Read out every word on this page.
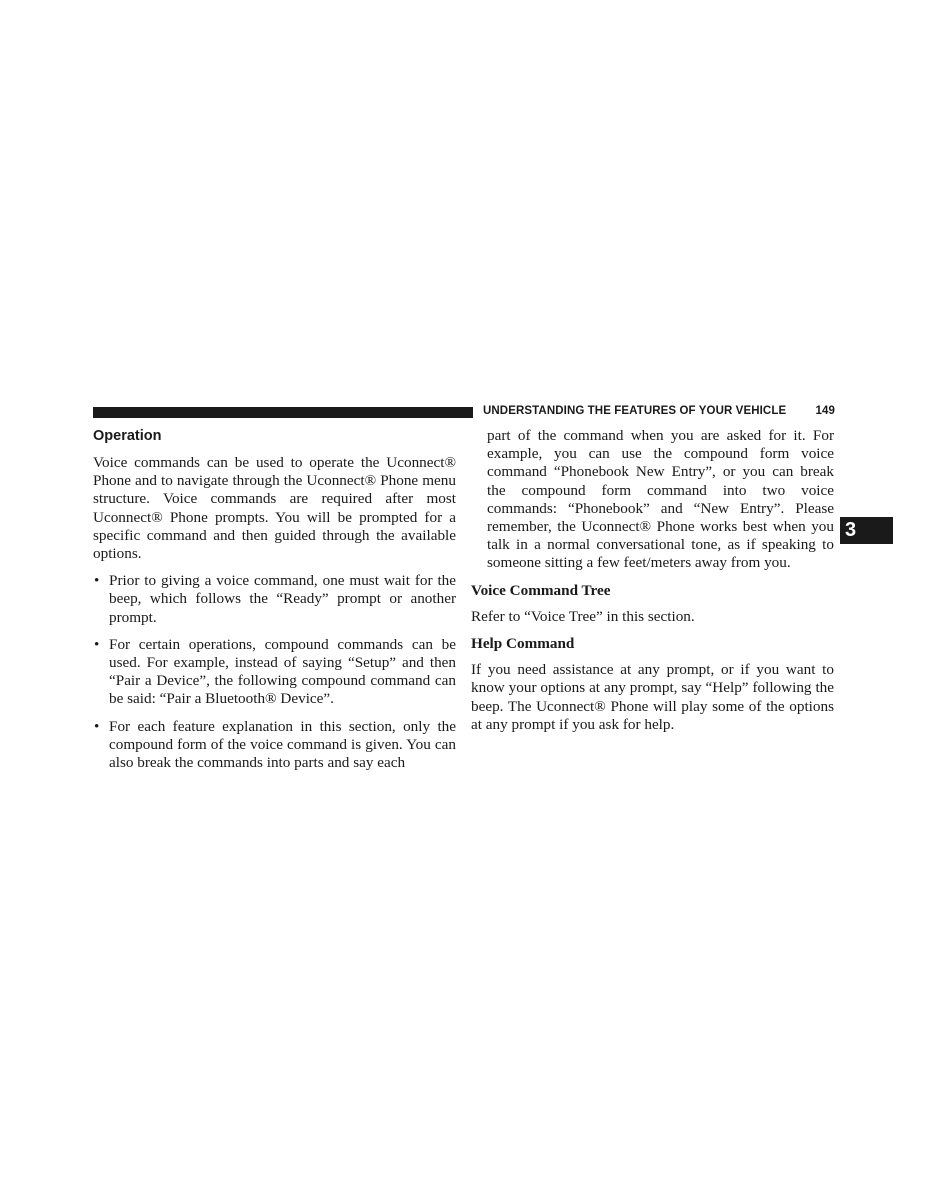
UNDERSTANDING THE FEATURES OF YOUR VEHICLE	149
3
Operation

Voice commands can be used to operate the Uconnect® Phone and to navigate through the Uconnect® Phone menu structure. Voice commands are required after most Uconnect® Phone prompts. You will be prompted for a specific command and then guided through the available options.

• Prior to giving a voice command, one must wait for the beep, which follows the “Ready” prompt or another prompt.
• For certain operations, compound commands can be used. For example, instead of saying “Setup” and then “Pair a Device”, the following compound command can be said: “Pair a Bluetooth® Device”.
• For each feature explanation in this section, only the compound form of the voice command is given. You can also break the commands into parts and say each

part of the command when you are asked for it. For example, you can use the compound form voice command “Phonebook New Entry”, or you can break the compound form command into two voice commands: “Phonebook” and “New Entry”. Please remember, the Uconnect® Phone works best when you talk in a normal conversational tone, as if speaking to someone sitting a few feet/meters away from you.

Voice Command Tree

Refer to “Voice Tree” in this section.

Help Command

If you need assistance at any prompt, or if you want to know your options at any prompt, say “Help” following the beep. The Uconnect® Phone will play some of the options at any prompt if you ask for help.
